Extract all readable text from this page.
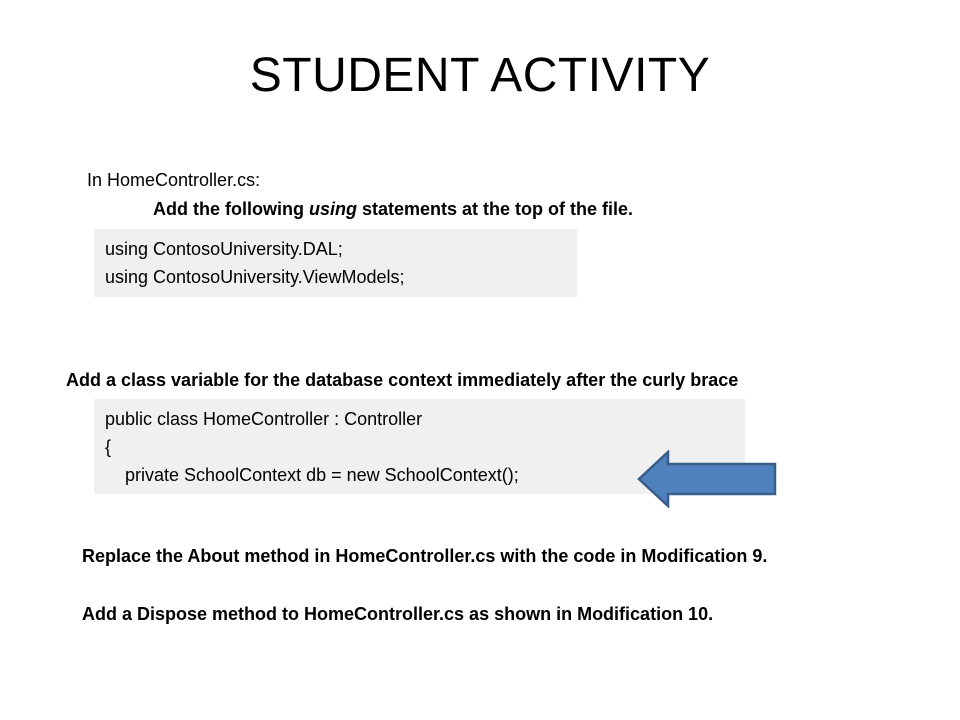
STUDENT ACTIVITY
In HomeController.cs:
Add the following using statements at the top of the file.
using ContosoUniversity.DAL;
using ContosoUniversity.ViewModels;
Add a class variable for the database context immediately after the curly brace
public class HomeController : Controller
{
private SchoolContext db = new SchoolContext();
Replace the About method in HomeController.cs with the code in Modification 9.
Add a Dispose method to HomeController.cs as shown in Modification 10.
